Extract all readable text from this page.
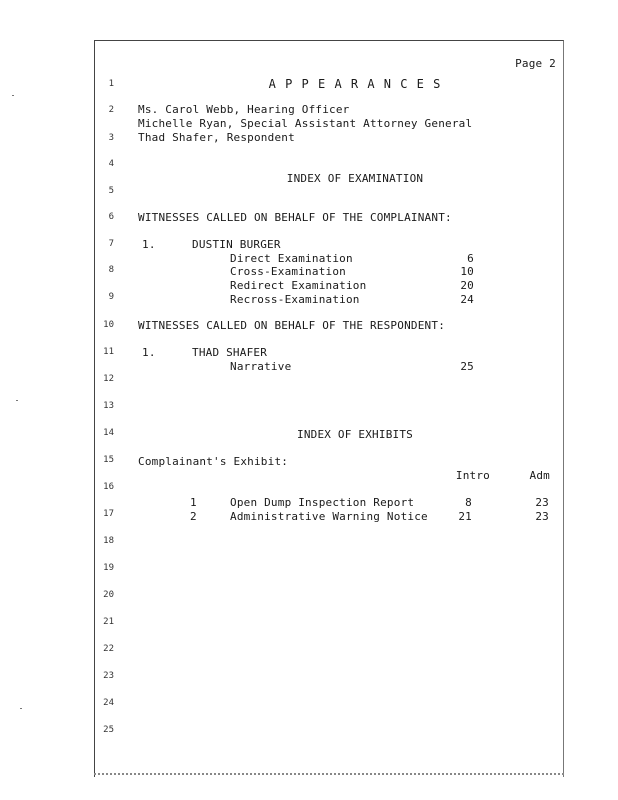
Page 2
1
2
3
4
5
6
7
8
9
10
11
12
13
14
15
16
17
18
19
20
21
22
23
24
25
A P P E A R A N C E S
Ms. Carol Webb, Hearing Officer
Michelle Ryan, Special Assistant Attorney General
Thad Shafer, Respondent
INDEX OF EXAMINATION
WITNESSES CALLED ON BEHALF OF THE COMPLAINANT:
1.	DUSTIN BURGER
Direct Examination	6
Cross-Examination	10
Redirect Examination	20
Recross-Examination	24
WITNESSES CALLED ON BEHALF OF THE RESPONDENT:
1.	THAD SHAFER
Narrative	25
INDEX OF EXHIBITS
Complainant's Exhibit:
Intro	Adm
1	Open Dump Inspection Report	8	23
2	Administrative Warning Notice	21	23
